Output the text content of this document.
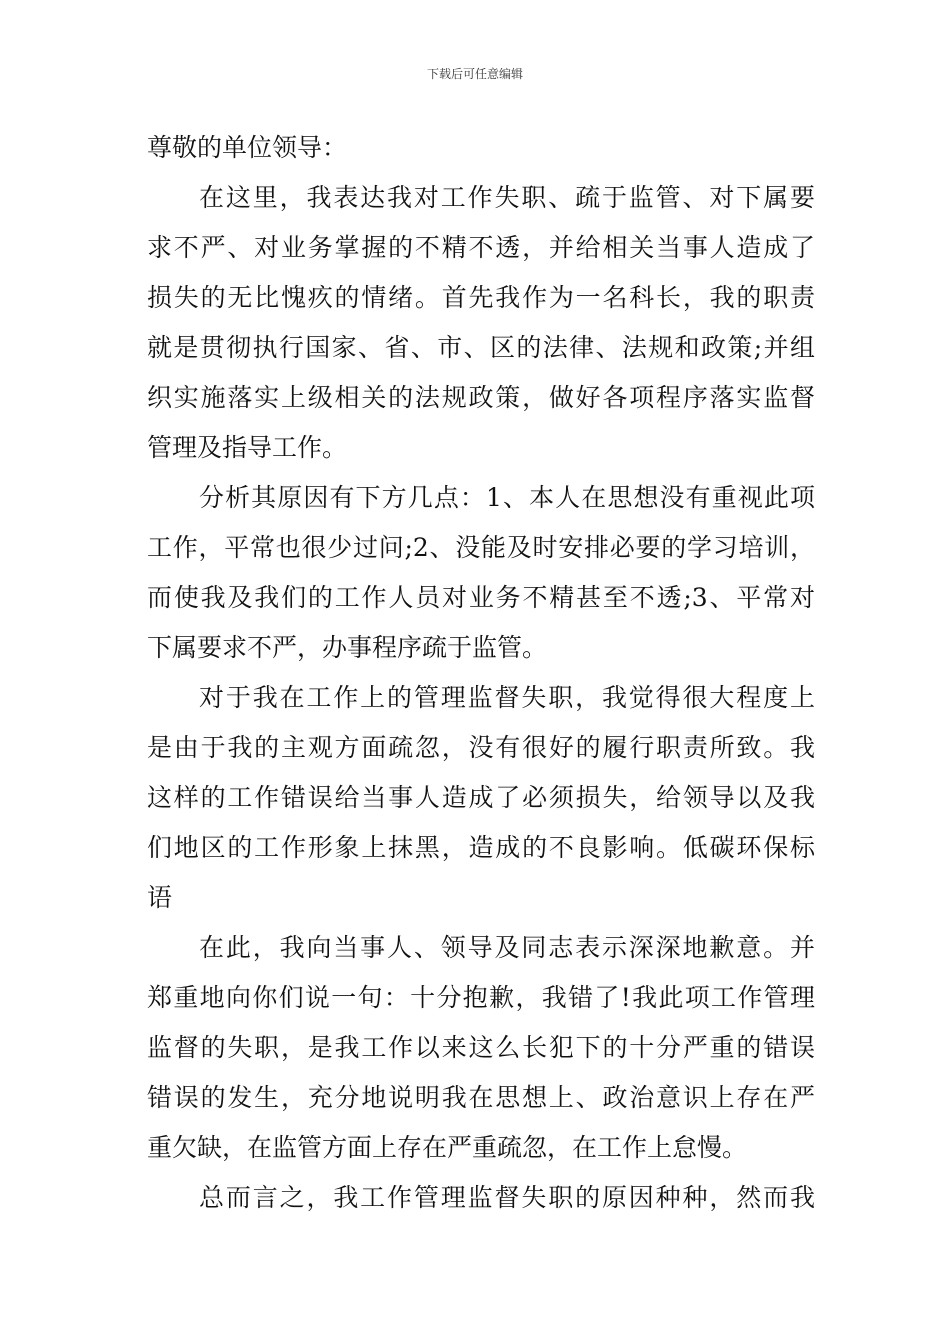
下载后可任意编辑
尊敬的单位领导：
在这里，我表达我对工作失职、疏于监管、对下属要
求不严、对业务掌握的不精不透，并给相关当事人造成了
损失的无比愧疚的情绪。首先我作为一名科长，我的职责
就是贯彻执行国家、省、市、区的法律、法规和政策;并组
织实施落实上级相关的法规政策，做好各项程序落实监督
管理及指导工作。
分析其原因有下方几点：1、本人在思想没有重视此项
工作，平常也很少过问;2、没能及时安排必要的学习培训，
而使我及我们的工作人员对业务不精甚至不透;3、平常对
下属要求不严，办事程序疏于监管。
对于我在工作上的管理监督失职，我觉得很大程度上
是由于我的主观方面疏忽，没有很好的履行职责所致。我
这样的工作错误给当事人造成了必须损失，给领导以及我
们地区的工作形象上抹黑，造成的不良影响。低碳环保标
语
在此，我向当事人、领导及同志表示深深地歉意。并
郑重地向你们说一句：十分抱歉，我错了!我此项工作管理
监督的失职，是我工作以来这么长犯下的十分严重的错误
错误的发生，充分地说明我在思想上、政治意识上存在严
重欠缺，在监管方面上存在严重疏忽，在工作上怠慢。
总而言之，我工作管理监督失职的原因种种，然而我
